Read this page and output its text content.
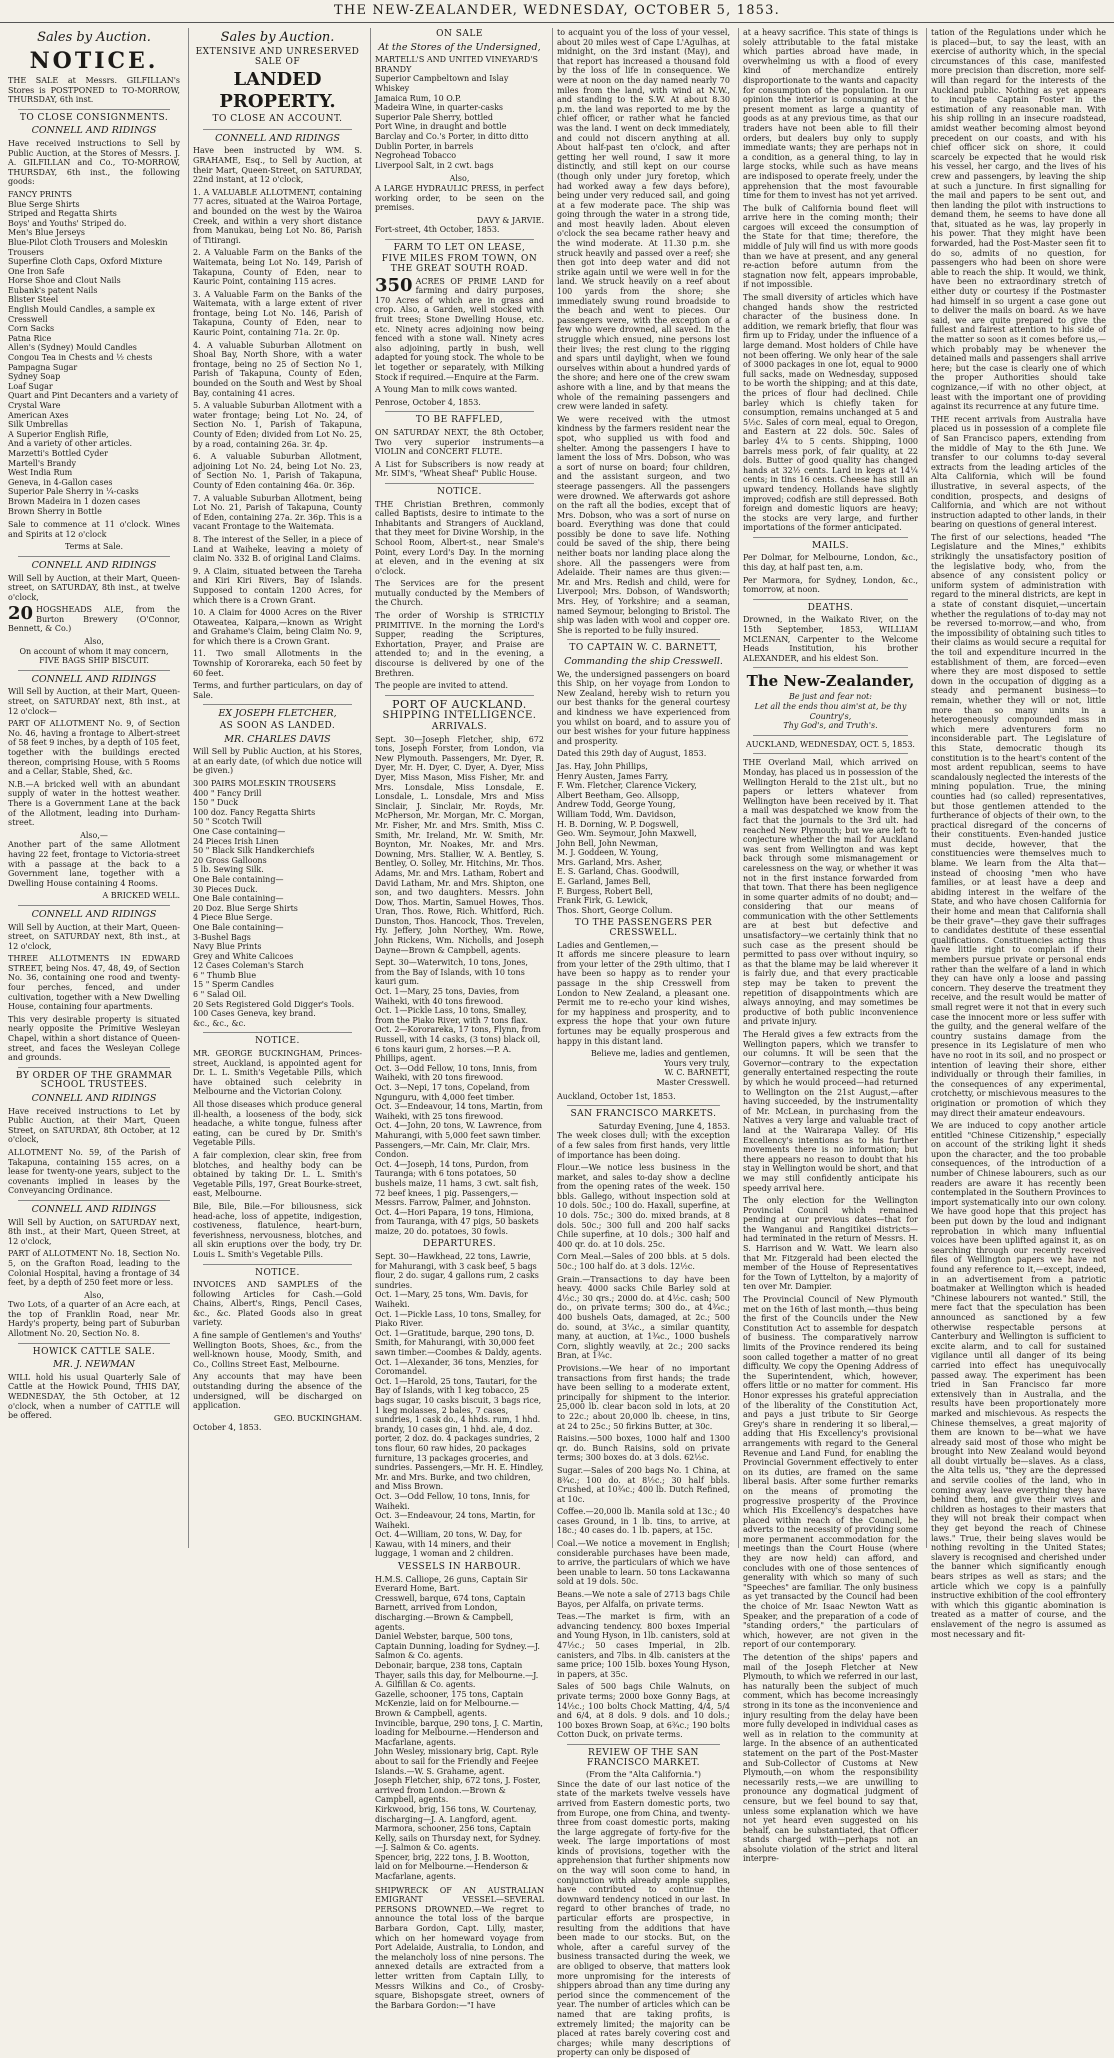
THE NEW-ZEALANDER, WEDNESDAY, OCTOBER 5, 1853.
Sales by Auction.
NOTICE.

THE SALE at Messrs. GILFILLAN's Stores is POSTPONED to TO-MORROW, THURSDAY, 6th inst.

TO CLOSE CONSIGNMENTS.
CONNELL AND RIDINGS

Have received instructions to Sell by Public Auction, at the Stores of Messrs. J. A. GILFILLAN and Co., TO-MORROW, THURSDAY, 6th inst., the following goods:

FANCY PRINTS
Blue Serge Shirts
Striped and Regatta Shirts
Boys' and Youths' Striped do.
Men's Blue Jerseys
Blue-Pilot Cloth Trousers and Moleskin Trousers
Superfine Cloth Caps, Oxford Mixture
One Iron Safe
Horse Shoe and Clout Nails
Eubank's patent Nails
Blister Steel
English Mould Candles, a sample ex Cresswell
Corn Sacks
Patna Rice
Allen's (Sydney) Mould Candles
Congou Tea in Chests and ½ chests
Pampagna Sugar
Sydney Soap
Loaf Sugar
Quart and Pint Decanters and a variety of Crystal Ware
American Axes
Silk Umbrellas
A Superior English Rifle,
And a variety of other articles.
Marzetti's Bottled Cyder
Martell's Brandy
West India Rum
Geneva, in 4-Gallon cases
Superior Pale Sherry in ¼-casks
Brown Madeira in 1 dozen cases
Brown Sherry in Bottle

Sale to commence at 11 o'clock. Wines and Spirits at 12 o'clock

Terms at Sale.
CONNELL AND RIDINGS

Will Sell by Auction, at their Mart, Queen-street, on SATURDAY, 8th inst., at twelve o'clock,

20 HOGSHEADS ALE, from the Burton Brewery (O'Connor, Bennett, & Co.)

Also,
On account of whom it may concern,
FIVE BAGS SHIP BISCUIT.
CONNELL AND RIDINGS

Will Sell by Auction, at their Mart, Queen-street, on SATURDAY next, 8th inst., at 12 o'clock—

PART OF ALLOTMENT No. 9, of Section No. 46, having a frontage to Albert-street of 58 feet 9 inches, by a depth of 105 feet, together with the buildings erected thereon, comprising House, with 5 Rooms and a Cellar, Stable, Shed, &c.

N.B.—A bricked well with an abundant supply of water in the hottest weather. There is a Government Lane at the back of the Allotment, leading into Durham-street.

Also,—

Another part of the same Allotment having 22 feet, frontage to Victoria-street with a passage at the back to a Government lane, together with a Dwelling House containing 4 Rooms.

A BRICKED WELL.
CONNELL AND RIDINGS

Will Sell by Auction, at their Mart, Queen-street, on SATURDAY next, 8th inst., at 12 o'clock,

THREE ALLOTMENTS IN EDWARD STREET, being Nos. 47, 48, 49, of Section No. 36, containing one rood and twenty-four perches, fenced, and under cultivation, together with a New Dwelling House, containing four apartments.

This very desirable property is situated nearly opposite the Primitive Wesleyan Chapel, within a short distance of Queen-street, and faces the Wesleyan College and grounds.

BY ORDER OF THE GRAMMAR SCHOOL TRUSTEES.
CONNELL AND RIDINGS

Have received instructions to Let by Public Auction, at their Mart, Queen Street, on SATURDAY, 8th October, at 12 o'clock,

ALLOTMENT No. 59, of the Parish of Takapuna, containing 155 acres, on a lease for twenty-one years, subject to the covenants implied in leases by the Conveyancing Ordinance.

CONNELL AND RIDINGS

Will Sell by Auction, on SATURDAY next, 8th inst., at their Mart, Queen Street, at 12 o'clock,

PART of ALLOTMENT No. 18, Section No. 5, on the Grafton Road, leading to the Colonial Hospital, having a frontage of 34 feet, by a depth of 250 feet more or less.

Also,

Two Lots, of a quarter of an Acre each, at the top of Franklin Road, near Mr. Hardy's property, being part of Suburban Allotment No. 20, Section No. 8.

HOWICK CATTLE SALE.
MR. J. NEWMAN

WILL hold his usual Quarterly Sale of Cattle at the Howick Pound, THIS DAY, WEDNESDAY, the 5th October, at 12 o'clock, when a number of CATTLE will be offered.

Sales by Auction.
EXTENSIVE AND UNRESERVED SALE OF
LANDED PROPERTY.
TO CLOSE AN ACCOUNT.
CONNELL AND RIDINGS

Have been instructed by WM. S. GRAHAME, Esq., to Sell by Auction, at their Mart, Queen-Street, on SATURDAY, 22nd instant, at 12 o'clock,

1. A VALUABLE ALLOTMENT, containing 77 acres, situated at the Wairoa Portage, and bounded on the west by the Wairoa Creek, and within a very short distance from Manukau, being Lot No. 86, Parish of Titirangi.

2. A Valuable Farm on the Banks of the Waitemata, being Lot No. 149, Parish of Takapuna, County of Eden, near to Kauric Point, containing 115 acres.

3. A Valuable Farm on the Banks of the Waitemata, with a large extent of river frontage, being Lot No. 146, Parish of Takapuna, County of Eden, near to Kauric Point, containing 71a. 2r. 0p.

4. A valuable Suburban Allotment on Shoal Bay, North Shore, with a water frontage, being no 25 of Section No 1, Parish of Takapuna, County of Eden, bounded on the South and West by Shoal Bay, containing 41 acres.

5. A valuable Suburban Allotment with a water frontage; being Lot No. 24, of Section No. 1, Parish of Takapuna, County of Eden; divided from Lot No. 25, by a road, containing 26a. 3r. 4p.

6. A valuable Suburban Allotment, adjoining Lot No. 24, being Lot No. 23, of Section No. 1, Parish of Takapuna, County of Eden containing 46a. 0r. 36p.

7. A valuable Suburban Allotment, being Lot No. 21, Parish of Takapuna, County of Eden, containing 27a. 2r. 36p. This is a vacant Frontage to the Waitemata.

8. The interest of the Seller, in a piece of Land at Waiheke, leaving a moiety of claim No. 332 B. of original Land Claims.

9. A Claim, situated between the Tareha and Kiri Kiri Rivers, Bay of Islands. Supposed to contain 1200 Acres, for which there is a Crown Grant.

10. A Claim for 4000 Acres on the River Otaweatea, Kaipara,—known as Wright and Grahame's Claim, being Claim No. 9, for which there is a Crown Grant.

11. Two small Allotments in the Township of Kororareka, each 50 feet by 60 feet.

Terms, and further particulars, on day of Sale.

EX JOSEPH FLETCHER,
AS SOON AS LANDED.
MR. CHARLES DAVIS

Will Sell by Public Auction, at his Stores, at an early date, (of which due notice will be given.)

300 PAIRS MOLESKIN TROUSERS
400 " Fancy Drill
150 " Duck
100 doz. Fancy Regatta Shirts
50 " Scotch Twill
One Case containing—
24 Pieces Irish Linen
50 " Black Silk Handkerchiefs
20 Gross Galloons
5 lb. Sewing Silk.
One Bale containing—
30 Pieces Duck.
One Bale containing—
20 Doz. Blue Serge Shirts
4 Piece Blue Serge.
One Bale containing—
3-Bushel Bags
Navy Blue Prints
Grey and White Calicoes
12 Cases Coleman's Starch
6 " Thumb Blue
15 " Sperm Candles
6 " Salad Oil.
20 Sets Registered Gold Digger's Tools.
100 Cases Geneva, key brand.
&c., &c., &c.
NOTICE.

MR. GEORGE BUCKINGHAM, Princes-street, Auckland, is appointed agent for Dr. L. L. Smith's Vegetable Pills, which have obtained such celebrity in Melbourne and the Victorian Colony.

All those diseases which produce general ill-health, a looseness of the body, sick headache, a white tongue, fulness after eating, can be cured by Dr. Smith's Vegetable Pills.

A fair complexion, clear skin, free from blotches, and healthy body can be obtained by taking Dr. L. L. Smith's Vegetable Pills, 197, Great Bourke-street, east, Melbourne.

Bile, Bile, Bile.—For biliousness, sick head-ache, loss of appetite, indigestion, costiveness, flatulence, heart-burn, feverishness, nervousness, blotches, and all skin eruptions over the body, try Dr. Louis L. Smith's Vegetable Pills.

NOTICE.

INVOICES AND SAMPLES of the following Articles for Cash.—Gold Chains, Albert's, Rings, Pencil Cases, &c., &c. Plated Goods also in great variety.

A fine sample of Gentlemen's and Youths' Wellington Boots, Shoes, &c., from the well-known house, Moody, Smith, and Co., Collins Street East, Melbourne.

Any accounts that may have been outstanding during the absence of the undersigned, will be discharged on application.

GEO. BUCKINGHAM.
October 4, 1853.
ON SALE
At the Stores of the Undersigned,
MARTELL'S AND UNITED VINEYARD'S BRANDY
Superior Campbeltown and Islay Whiskey
Jamaica Rum, 10 O.P.
Madeira Wine, in quarter-casks
Superior Pale Sherry, bottled
Port Wine, in draught and bottle
Barclay and Co.'s Porter, in ditto ditto
Dublin Porter, in barrels
Negrohead Tobacco
Liverpool Salt, in 2 cwt. bags
Also,

A LARGE HYDRAULIC PRESS, in perfect working order, to be seen on the premises.

DAVY & JARVIE.
Fort-street, 4th October, 1853.
FARM TO LET ON LEASE,
FIVE MILES FROM TOWN, ON THE GREAT SOUTH ROAD.

350 ACRES OF PRIME LAND for farming and dairy purposes, 170 Acres of which are in grass and crop. Also, a Garden, well stocked with fruit trees; Stone Dwelling House, etc. etc. Ninety acres adjoining now being fenced with a stone wall. Ninety acres also adjoining, partly in bush, well adapted for young stock. The whole to be let together or separately, with Milking Stock if required.—Enquire at the Farm.

A Young Man to milk cows wanted.

Penrose, October 4, 1853.
TO BE RAFFLED,

ON SATURDAY NEXT, the 8th October, Two very superior instruments—a VIOLIN and CONCERT FLUTE.

A List for Subscribers is now ready at Mr. SIM's, "Wheat Sheaf" Public House.

NOTICE.

THE Christian Brethren, commonly called Baptists, desire to intimate to the Inhabitants and Strangers of Auckland, that they meet for Divine Worship, in the School Room, Albert-st., near Smale's Point, every Lord's Day. In the morning at eleven, and in the evening at six o'clock.

The Services are for the present mutually conducted by the Members of the Church.

The order of Worship is STRICTLY PRIMITIVE. In the morning the Lord's Supper, reading the Scriptures, Exhortation, Prayer, and Praise are attended to; and in the evening, a discourse is delivered by one of the Brethren.

The people are invited to attend.

PORT OF AUCKLAND.
SHIPPING INTELLIGENCE.
ARRIVALS.

Sept. 30—Joseph Fletcher, ship, 672 tons, Joseph Forster, from London, via New Plymouth. Passengers, Mr. Dyer, R. Dyer, Mr. H. Dyer, C. Dyer, A. Dyer, Miss Dyer, Miss Mason, Miss Fisher, Mr. and Mrs. Lonsdale, Miss Lonsdale, E. Lonsdale, L. Lonsdale, Mrs and Miss Sinclair, J. Sinclair, Mr. Royds, Mr. McPherson, Mr. Morgan, Mr. C. Morgan, Mr. Fisher, Mr. and Mrs. Smith, Miss C. Smith, Mr. Ireland, Mr. W. Smith, Mr. Boynton, Mr. Noakes, Mr. and Mrs. Downing, Mrs. Stallier, W. A. Bentley, S. Bentley, O. Solley, Mr. Hitchins, Mr. Thos. Adams, Mr. and Mrs. Latham, Robert and David Latham, Mr. and Mrs. Shipton, one son, and two daughters. Messrs. John Dow, Thos. Martin, Samuel Howes, Thos. Uran, Thos. Rowe, Rich. Whitford, Rich. Dunston, Thos. Hancock, Thos. Trevelen, Hy. Jeffery, John Northey, Wm. Rowe, John Rickens, Wm. Nicholls, and Joseph Dayne—Brown & Campbell, agents.

Sept. 30—Waterwitch, 10 tons, Jones, from the Bay of Islands, with 10 tons kauri gum.
Oct. 1—Mary, 25 tons, Davies, from Waiheki, with 40 tons firewood.
Oct. 1—Pickle Lass, 10 tons, Smalley, from the Piako River, with 7 tons flax.
Oct. 2—Kororareka, 17 tons, Flynn, from Russell, with 14 casks, (3 tons) black oil, 6 tons kauri gum, 2 horses.—P. A. Phillips, agent.
Oct. 3—Odd Fellow, 10 tons, Innis, from Waiheki, with 20 tons firewood.
Oct. 3—Nepi, 17 tons, Copeland, from Ngunguru, with 4,000 feet timber.
Oct. 3—Endeavour, 14 tons, Martin, from Waiheki, with 25 tons firewood.
Oct. 4—John, 20 tons, W. Lawrence, from Mahurangi, with 5,000 feet sawn timber. Passengers,—Mr. Cain, Mr. Clair, Mrs. Condon.
Oct. 4—Joseph, 14 tons, Purdon, from Tauranga; with 6 tons potatoes, 50 bushels maize, 11 hams, 3 cwt. salt fish, 72 beef knees, 1 pig. Passengers,—Messrs. Farrow, Palmer, and Johnston.
Oct. 4—Hori Papara, 19 tons, Himiona, from Tauranga, with 47 pigs, 50 baskets maize, 20 do. potatoes, 30 fowls.
DEPARTURES.
Sept. 30—Hawkhead, 22 tons, Lawrie, for Mahurangi, with 3 cask beef, 5 bags flour, 2 do. sugar, 4 gallons rum, 2 casks sundries.
Oct. 1—Mary, 25 tons, Wm. Davis, for Waiheki.
Oct. 1—Pickle Lass, 10 tons, Smalley, for Piako River.
Oct. 1—Gratitude, barque, 290 tons, D. Smith, for Mahurangi, with 30,000 feet sawn timber.—Coombes & Daldy, agents.
Oct. 1—Alexander, 36 tons, Menzies, for Coromandel.
Oct. 1—Harold, 25 tons, Tautari, for the Bay of Islands, with 1 keg tobacco, 25 bags sugar, 10 casks biscuit, 3 bags rice, 1 keg molasses, 2 bales, 7 cases, sundries, 1 cask do., 4 hhds. rum, 1 hhd. brandy, 10 cases gin, 1 hhd. ale, 4 doz. porter, 2 doz. do. 4 packages sundries, 2 tons flour, 60 raw hides, 20 packages furniture, 13 packages groceries, and sundries. Passengers,—Mr. H. E. Hindley, Mr. and Mrs. Burke, and two children, and Miss Brown.
Oct. 3—Odd Fellow, 10 tons, Innis, for Waiheki.
Oct. 3—Endeavour, 24 tons, Martin, for Waiheki.
Oct. 4—William, 20 tons, W. Day, for Kawau, with 14 miners, and their luggage, 1 woman and 2 children.
VESSELS IN HARBOUR.
H.M.S. Calliope, 26 guns, Captain Sir Everard Home, Bart.
Cresswell, barque, 674 tons, Captain Barnett, arrived from London, discharging.—Brown & Campbell, agents.
Daniel Webster, barque, 500 tons, Captain Dunning, loading for Sydney.—J. Salmon & Co. agents.
Debonair, barque, 238 tons, Captain Thayer, sails this day, for Melbourne.—J. A. Gilfillan & Co. agents.
Gazelle, schooner, 175 tons, Captain McKenzie, laid on for Melbourne.—Brown & Campbell, agents.
Invincible, barque, 290 tons, J. C. Martin, loading for Melbourne.—Henderson and Macfarlane, agents.
John Wesley, missionary brig, Capt. Ryle about to sail for the Friendly and Feejee Islands.—W. S. Grahame, agent.
Joseph Fletcher, ship, 672 tons, J. Foster, arrived from London.—Brown & Campbell, agents.
Kirkwood, brig, 156 tons, W. Courtenay, discharging—J. A. Langford, agent.
Marmora, schooner, 256 tons, Captain Kelly, sails on Thursday next, for Sydney.—J. Salmon & Co. agents.
Spencer, brig, 222 tons, J. B. Wootton, laid on for Melbourne.—Henderson & Macfarlane, agents.

SHIPWRECK OF AN AUSTRALIAN EMIGRANT VESSEL—SEVERAL PERSONS DROWNED.—We regret to announce the total loss of the barque Barbara Gordon, Capt. Lilly, master, which on her homeward voyage from Port Adelaide, Australia, to London, and the melancholy loss of nine persons. The annexed details are extracted from a letter written from Captain Lilly, to Messrs Wilkins and Co., of Crosby-square, Bishopsgate street, owners of the Barbara Gordon:—"I have

to acquaint you of the loss of your vessel, about 20 miles west of Cape L'Agulhas, at midnight, on the 3rd instant (May), and that report has increased a thousand fold by the loss of life in consequence. We were at noon on the day named nearly 70 miles from the land, with wind at N.W., and standing to the S.W. At about 8.30 p.m. the land was reported to me by the chief officer, or rather what he fancied was the land. I went on deck immediately, and could not discern anything at all. About half-past ten o'clock, and after getting her well round, I saw it more distinctly, and still kept on our course (though only under jury foretop, which had worked away a few days before), being under very reduced sail, and going at a few moderate pace. The ship was going through the water in a strong tide, and most heavily laden. About eleven o'clock the sea became rather heavy and the wind moderate. At 11.30 p.m. she struck heavily and passed over a reef; she then got into deep water and did not strike again until we were well in for the land. We struck heavily on a reef about 100 yards from the shore; she immediately swung round broadside to the beach and went to pieces. Our passengers were, with the exception of a few who were drowned, all saved. In the struggle which ensued, nine persons lost their lives; the rest clung to the rigging and spars until daylight, when we found ourselves within about a hundred yards of the shore; and here one of the crew swam ashore with a line, and by that means the whole of the remaining passengers and crew were landed in safety.

We were received with the utmost kindness by the farmers resident near the spot, who supplied us with food and shelter. Among the passengers I have to lament the loss of Mrs. Dobson, who was a sort of nurse on board; four children, and the assistant surgeon, and two steerage passengers. All the passengers were drowned. We afterwards got ashore on the raft all the bodies, except that of Mrs. Dobson, who was a sort of nurse on board. Everything was done that could possibly be done to save life. Nothing could be saved of the ship, there being neither boats nor landing place along the shore. All the passengers were from Adelaide. Their names are thus given:—Mr. and Mrs. Redish and child, were for Liverpool; Mrs. Dobson, of Wandsworth; Mrs. Hey, of Yorkshire; and a seaman, named Seymour, belonging to Bristol. The ship was laden with wool and copper ore. She is reported to be fully insured.

TO CAPTAIN W. C. BARNETT,
Commanding the ship Cresswell.

We, the undersigned passengers on board this Ship, on her voyage from London to New Zealand, hereby wish to return you our best thanks for the general courtesy and kindness we have experienced from you whilst on board, and to assure you of our best wishes for your future happiness and prosperity.

Dated this 29th day of August, 1853.

Jas. Hay, John Phillips,
Henry Austen, James Farry,
F. Wm. Fletcher, Clarence Vickery,
Albert Beetham, Geo. Allsopp,
Andrew Todd, George Young,
William Todd, Wm. Davidson,
H. B. Dorning, W. P. Dogswell,
Geo. Wm. Seymour, John Maxwell,
John Bell, John Newman,
M. J. Goddeen, W. Young,
Mrs. Garland, Mrs. Asher,
E. S. Garland, Chas. Goodwill,
E. Garland, James Bell,
F. Burgess, Robert Bell,
Frank Firk, G. Lewick,
Thos. Short, George Collum.
TO THE PASSENGERS PER CRESSWELL.
Ladies and Gentlemen,—

It affords me sincere pleasure to learn from your letter of the 29th ultimo, that I have been so happy as to render your passage in the ship Cresswell from London to New Zealand, a pleasant one. Permit me to re-echo your kind wishes, for my happiness and prosperity, and to express the hope that your own future fortunes may be equally prosperous and happy in this distant land.

Believe me, ladies and gentlemen,
Yours very truly,
W. C. BARNETT,
Master Cresswell.
Auckland, October 1st, 1853.
SAN FRANCISCO MARKETS.
Saturday Evening, June 4, 1853.

The week closes dull; with the exception of a few sales from first hands, very little of importance has been doing.

Flour.—We notice less business in the market, and sales to-day show a decline from the opening rates of the week. 150 bbls. Gallego, without inspection sold at 10 dols. 50c.; 100 do. Haxall, superfine, at 10 dols. 75c.; 300 do. mixed brands, at 8 dols. 50c.; 300 full and 200 half sacks Chile superfine, at 10 dols.; 300 half and 400 qr. do. at 10 dols. 25c.

Corn Meal.—Sales of 200 bbls. at 5 dols. 50c.; 100 half do. at 3 dols. 12½c.

Grain.—Transactions to day have been heavy. 4000 sacks Chile Barley sold at 4½c.; 30 qrs.; 2000 do. at 4½c. cash; 500 do., on private terms; 300 do., at 4¾c.; 400 bushels Oats, damaged, at 2c.; 500 do. sound, at 3¼c., a similar quantity, many, at auction, at 1¾c., 1000 bushels Corn, slightly weavily, at 2c.; 200 sacks Bran, at 1¾c.

Provisions.—We hear of no important transactions from first hands; the trade have been selling to a moderate extent, principally for shipment to the interior. 25,000 lb. clear bacon sold in lots, at 20 to 22c.; about 20,000 lb. cheese, in tins, at 24 to 25c.; 50 firkins Butter, at 30c.

Raisins.—500 boxes, 1000 half and 1300 qr. do. Bunch Raisins, sold on private terms; 300 boxes do. at 3 dols. 62½c.

Sugar.—Sales of 200 bags No. 1 China, at 8¾c.; 100 do. at 8½c.; 30 half bbls. Crushed, at 10¾c.; 400 lb. Dutch Refined, at 10c.

Coffee.—20,000 lb. Manila sold at 13c.; 40 cases Ground, in 1 lb. tins, to arrive, at 18c.; 40 cases do. 1 lb. papers, at 15c.

Coal.—We notice a movement in English; considerable purchases have been made, to arrive, the particulars of which we have been unable to learn. 50 tons Lackawanna sold at 19 dols. 50c.

Beans.—We note a sale of 2713 bags Chile Bayos, per Alfalfa, on private terms.

Teas.—The market is firm, with an advancing tendency. 800 boxes Imperial and Young Hyson, in 1lb. canisters, sold at 47½c.; 50 cases Imperial, in 2lb. canisters, and 7lbs. in 4lb. canisters at the same price; 100 15lb. boxes Young Hyson, in papers, at 35c.

Sales of 500 bags Chile Walnuts, on private terms; 2000 boxe Gonny Bags, at 14½c.; 100 bolts Chock Matting, 4/4, 5/4 and 6/4, at 8 dols. 9 dols. and 10 dols.; 100 boxes Brown Soap, at 6¾c.; 190 bolts Cotton Duck, on private terms.

REVIEW OF THE SAN FRANCISCO MARKET.
(From the "Alta California.")

Since the date of our last notice of the state of the markets twelve vessels have arrived from Eastern domestic ports, two from Europe, one from China, and twenty-three from coast domestic ports, making the large aggregate of forty-five for the week. The large importations of most kinds of provisions, together with the apprehension that further shipments now on the way will soon come to hand, in conjunction with already ample supplies, have contributed to continue the downward tendency noticed in our last. In regard to other branches of trade, no particular efforts are prospective, in resulting from the additions that have been made to our stocks. But, on the whole, after a careful survey of the business transacted during the week, we are obliged to observe, that matters look more unpromising for the interests of shippers abroad than any time during any period since the commencement of the year. The number of articles which can be named that are taking profits, is extremely limited; the majority can be placed at rates barely covering cost and charges; while many descriptions of property can only be disposed of

at a heavy sacrifice. This state of things is solely attributable to the fatal mistake which parties abroad have made, in overwhelming us with a flood of every kind of merchandize entirely disproportionate to the wants and capacity for consumption of the population. In our opinion the interior is consuming at the present moment as large a quantity of goods as at any previous time, as that our traders have not been able to fill their orders, but dealers buy only to supply immediate wants; they are perhaps not in a condition, as a general thing, to lay in large stocks, while such as have means are indisposed to operate freely, under the apprehension that the most favourable time for them to invest has not yet arrived.

The bulk of California bound fleet will arrive here in the coming month; their cargoes will exceed the consumption of the State for that time; therefore, the middle of July will find us with more goods than we have at present, and any general re-action before autumn from the stagnation now felt, appears improbable, if not impossible.

The small diversity of articles which have changed hands show the restricted character of the business done. In addition, we remark briefly, that flour was firm up to Friday, under the influence of a large demand. Most holders of Chile have not been offering. We only hear of the sale of 3000 packages in one lot, equal to 9000 full sacks, made on Wednesday, supposed to be worth the shipping; and at this date, the prices of flour had declined. Chile barley which is chiefly taken for consumption, remains unchanged at 5 and 5½c. Sales of corn meal, equal to Oregon, and Eastern at 22 dols. 50c. Sales of barley 4¼ to 5 cents. Shipping, 1000 barrels mess pork, of fair quality, at 22 dols. Butter of good quality has changed hands at 32½ cents. Lard in kegs at 14¼ cents; in tins 16 cents. Cheese has still an upward tendency. Hollands have slightly improved; codfish are still depressed. Both foreign and domestic liquors are heavy; the stocks are very large, and further importations of the former anticipated.

MAILS.

Per Dolmar, for Melbourne, London, &c., this day, at half past ten, a.m.

Per Marmora, for Sydney, London, &c., tomorrow, at noon.

DEATHS.

Drowned, in the Waikato River, on the 15th September, 1853, WILLIAM MCLENAN, Carpenter to the Welcome Heads Institution, his brother ALEXANDER, and his eldest Son.

The New-Zealander,
Be just and fear not:
Let all the ends thou aim'st at, be thy Country's,
Thy God's, and Truth's.
AUCKLAND, WEDNESDAY, OCT. 5, 1853.

THE Overland Mail, which arrived on Monday, has placed us in possession of the Wellington Herald to the 21st ult., but no papers or letters whatever from Wellington have been received by it. That a mail was despatched we know from the fact that the journals to the 3rd ult. had reached New Plymouth; but we are left to conjecture whether the mail for Auckland was sent from Wellington and was kept back through some mismanagement or carelessness on the way, or whether it was not in the first instance forwarded from that town. That there has been negligence in some quarter admits of no doubt; and—considering that our means of communication with the other Settlements are at best but defective and unsatisfactory—we certainly think that no such case as the present should be permitted to pass over without inquiry, so as that the blame may be laid wherever it is fairly due, and that every practicable step may be taken to prevent the repetition of disappointments which are always annoying, and may sometimes be productive of both public inconvenience and private injury.

The Herald gives a few extracts from the Wellington papers, which we transfer to our columns. It will be seen that the Governor—contrary to the expectation generally entertained respecting the route by which he would proceed—had returned to Wellington on the 21st August,—after having succeeded, by the instrumentality of Mr. McLean, in purchasing from the Natives a very large and valuable tract of land at the Wairarapa Valley. Of His Excellency's intentions as to his further movements there is no information; but there appears no reason to doubt that his stay in Wellington would be short, and that we may still confidently anticipate his speedy arrival here.

The only election for the Wellington Provincial Council which remained pending at our previous dates—that for the Wanganui and Rangitikei districts—had terminated in the return of Messrs. H. S. Harrison and W. Watt. We learn also that Mr. Fitzgerald had been elected the member of the House of Representatives for the Town of Lyttelton, by a majority of ten over Mr. Dampier.

The Provincial Council of New Plymouth met on the 16th of last month,—thus being the first of the Councils under the New Constitution Act to assemble for despatch of business. The comparatively narrow limits of the Province rendered its being soon called together a matter of no great difficulty. We copy the Opening Address of the Superintendent, which, however, offers little or no matter for comment. His Honor expresses his grateful appreciation of the liberality of the Constitution Act, and pays a just tribute to Sir George Grey's share in rendering it so liberal,—adding that His Excellency's provisional arrangements with regard to the General Revenue and Land Fund, for enabling the Provincial Government effectively to enter on its duties, are framed on the same liberal basis. After some further remarks on the means of promoting the progressive prosperity of the Province which His Excellency's despatches have placed within reach of the Council, he adverts to the necessity of providing some more permanent accommodation for the meetings than the Court House (where they are now held) can afford, and concludes with one of those sentences of generality with which so many of such "Speeches" are familiar. The only business as yet transacted by the Council had been the choice of Mr. Isaac Newton Watt as Speaker, and the preparation of a code of "standing orders," the particulars of which, however, are not given in the report of our contemporary.

The detention of the ships' papers and mail of the Joseph Fletcher at New Plymouth, to which we referred in our last, has naturally been the subject of much comment, which has become increasingly strong in its tone as the inconvenience and injury resulting from the delay have been more fully developed in individual cases as well as in relation to the community at large. In the absence of an authenticated statement on the part of the Post-Master and Sub-Collector of Customs at New Plymouth,—on whom the responsibility necessarily rests,—we are unwilling to pronounce any dogmatical judgment of censure, but we feel bound to say that, unless some explanation which we have not yet heard even suggested on his behalf, can be substantiated, that Officer stands charged with—perhaps not an absolute violation of the strict and literal interpre-

tation of the Regulations under which he is placed—but, to say the least, with an exercise of authority which, in the special circumstances of this case, manifested more precision than discretion, more self-will than regard for the interests of the Auckland public. Nothing as yet appears to inculpate Captain Foster in the estimation of any reasonable man. With his ship rolling in an insecure roadstead, amidst weather becoming almost beyond precedent on our coasts, and with his chief officer sick on shore, it could scarcely be expected that he would risk his vessel, her cargo, and the lives of his crew and passengers, by leaving the ship at such a juncture. In first signalling for the mail and papers to be sent out, and then landing the pilot with instructions to demand them, he seems to have done all that, situated as he was, lay properly in his power. That they might have been forwarded, had the Post-Master seen fit to do so, admits of no question, for passengers who had been on shore were able to reach the ship. It would, we think, have been no extraordinary stretch of either duty or courtesy if the Postmaster had himself in so urgent a case gone out to deliver the mails on board. As we have said, we are quite prepared to give the fullest and fairest attention to his side of the matter so soon as it comes before us,—which probably may be whenever the detained mails and passengers shall arrive here; but the case is clearly one of which the proper Authorities should take cognizance,—if with no other object, at least with the important one of providing against its recurrence at any future time.

THE recent arrivals from Australia have placed us in possession of a complete file of San Francisco papers, extending from the middle of May to the 6th June. We transfer to our columns to-day several extracts from the leading articles of the Alta California, which will be found illustrative, in several aspects, of the condition, prospects, and designs of California, and which are not without instruction adapted to other lands, in their bearing on questions of general interest.

The first of our selections, headed "The Legislature and the Mines," exhibits strikingly the unsatisfactory position of the legislative body, who, from the absence of any consistent policy or uniform system of administration with regard to the mineral districts, are kept in a state of constant disquiet,—uncertain whether the regulations of to-day may not be reversed to-morrow,—and who, from the impossibility of obtaining such titles to their claims as would secure a requital for the toil and expenditure incurred in the establishment of them, are forced—even where they are most disposed to settle down in the occupation of digging as a steady and permanent business—to remain, whether they will or not, little more than so many units in a heterogeneously compounded mass in which mere adventurers form no inconsiderable part. The Legislature of this State, democratic though its constitution is to the heart's content of the most ardent republican, seems to have scandalously neglected the interests of the mining population. True, the mining counties had (so called) representatives, but those gentlemen attended to the furtherance of objects of their own, to the practical disregard of the concerns of their constituents. Even-handed justice must decide, however, that the constituencies were themselves much to blame. We learn from the Alta that—instead of choosing "men who have families, or at least have a deep and abiding interest in the welfare of the State, and who have chosen California for their home and mean that California shall be their grave"—they gave their suffrages to candidates destitute of these essential qualifications. Constituencies acting thus have little right to complain if their members pursue private or personal ends rather than the welfare of a land in which they can have only a loose and passing concern. They deserve the treatment they receive, and the result would be matter of small regret were it not that in every such case the innocent more or less suffer with the guilty, and the general welfare of the country sustains damage from the presence in its Legislature of men who have no root in its soil, and no prospect or intention of leaving their shore, either individually or through their families, in the consequences of any experimental, crotchetty, or mischievous measures to the origination or promotion of which they may direct their amateur endeavours.

We are induced to copy another article entitled "Chinese Citizenship," especially on account of the striking light it sheds upon the character, and the too probable consequences, of the introduction of a number of Chinese labourers, such as our readers are aware it has recently been contemplated in the Southern Provinces to import systematically into our own colony. We have good hope that this project has been put down by the loud and indignant reprobation in which many influential voices have been uplifted against it, as on searching through our recently received files of Wellington papers we have not found any reference to it,—except, indeed, in an advertisement from a patriotic boatmaker at Wellington which is headed "Chinese labourers not wanted." Still, the mere fact that the speculation has been announced as sanctioned by a few otherwise respectable persons at Canterbury and Wellington is sufficient to excite alarm, and to call for sustained vigilance until all danger of its being carried into effect has unequivocally passed away. The experiment has been tried in San Francisco far more extensively than in Australia, and the results have been proportionately more marked and mischievous. As respects the Chinese themselves, a great majority of them are known to be—what we have already said most of those who might be brought into New Zealand would beyond all doubt virtually be—slaves. As a class, the Alta tells us, "they are the depressed and servile coolies of the land, who in coming away leave everything they have behind them, and give their wives and children as hostages to their masters that they will not break their compact when they get beyond the reach of Chinese laws." True, their being slaves would be nothing revolting in the United States; slavery is recognised and cherished under the banner which significantly enough bears stripes as well as stars; and the article which we copy is a painfully instructive exhibition of the cool effrontery with which this gigantic abomination is treated as a matter of course, and the enslavement of the negro is assumed as most necessary and fit-
